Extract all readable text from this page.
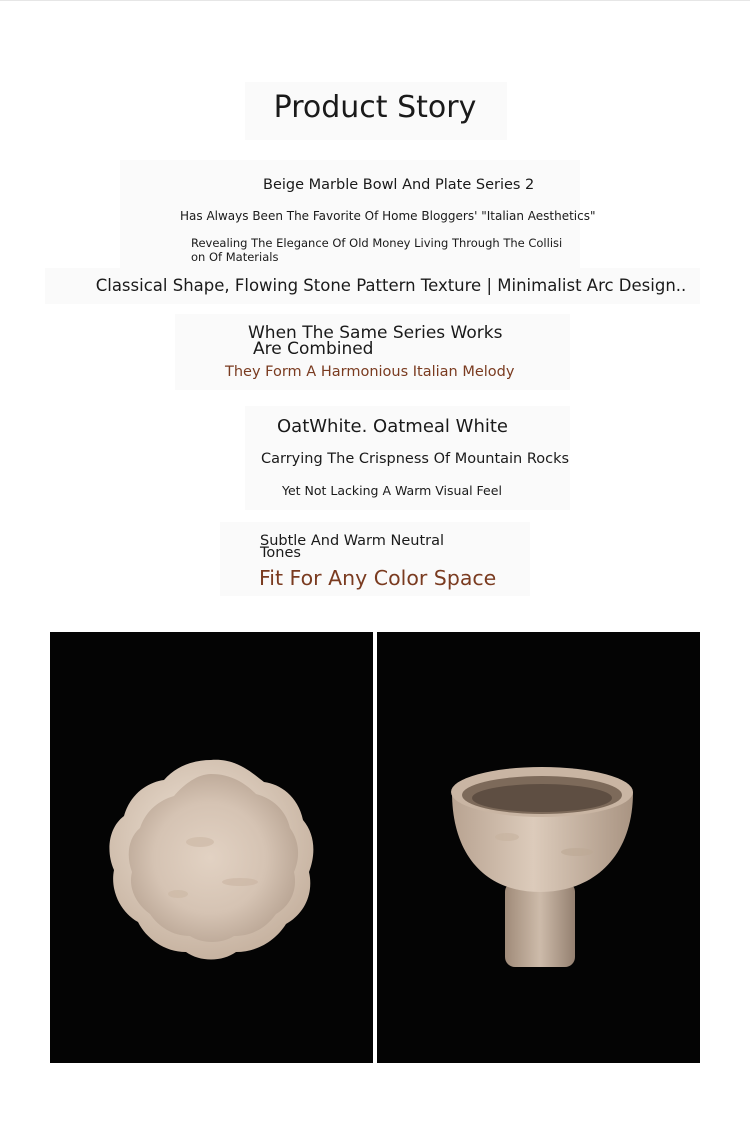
Product Story
Beige Marble Bowl And Plate Series 2
Has Always Been The Favorite Of Home Bloggers' "Italian Aesthetics"
Revealing The Elegance Of Old Money Living Through The Collisi
on Of Materials
Classical Shape, Flowing Stone Pattern Texture | Minimalist Arc Design..
When The Same Series Works
Are Combined
They Form A Harmonious Italian Melody
OatWhite. Oatmeal White
Carrying The Crispness Of Mountain Rocks
Yet Not Lacking A Warm Visual Feel
Subtle And Warm Neutral
Tones
Fit For Any Color Space
